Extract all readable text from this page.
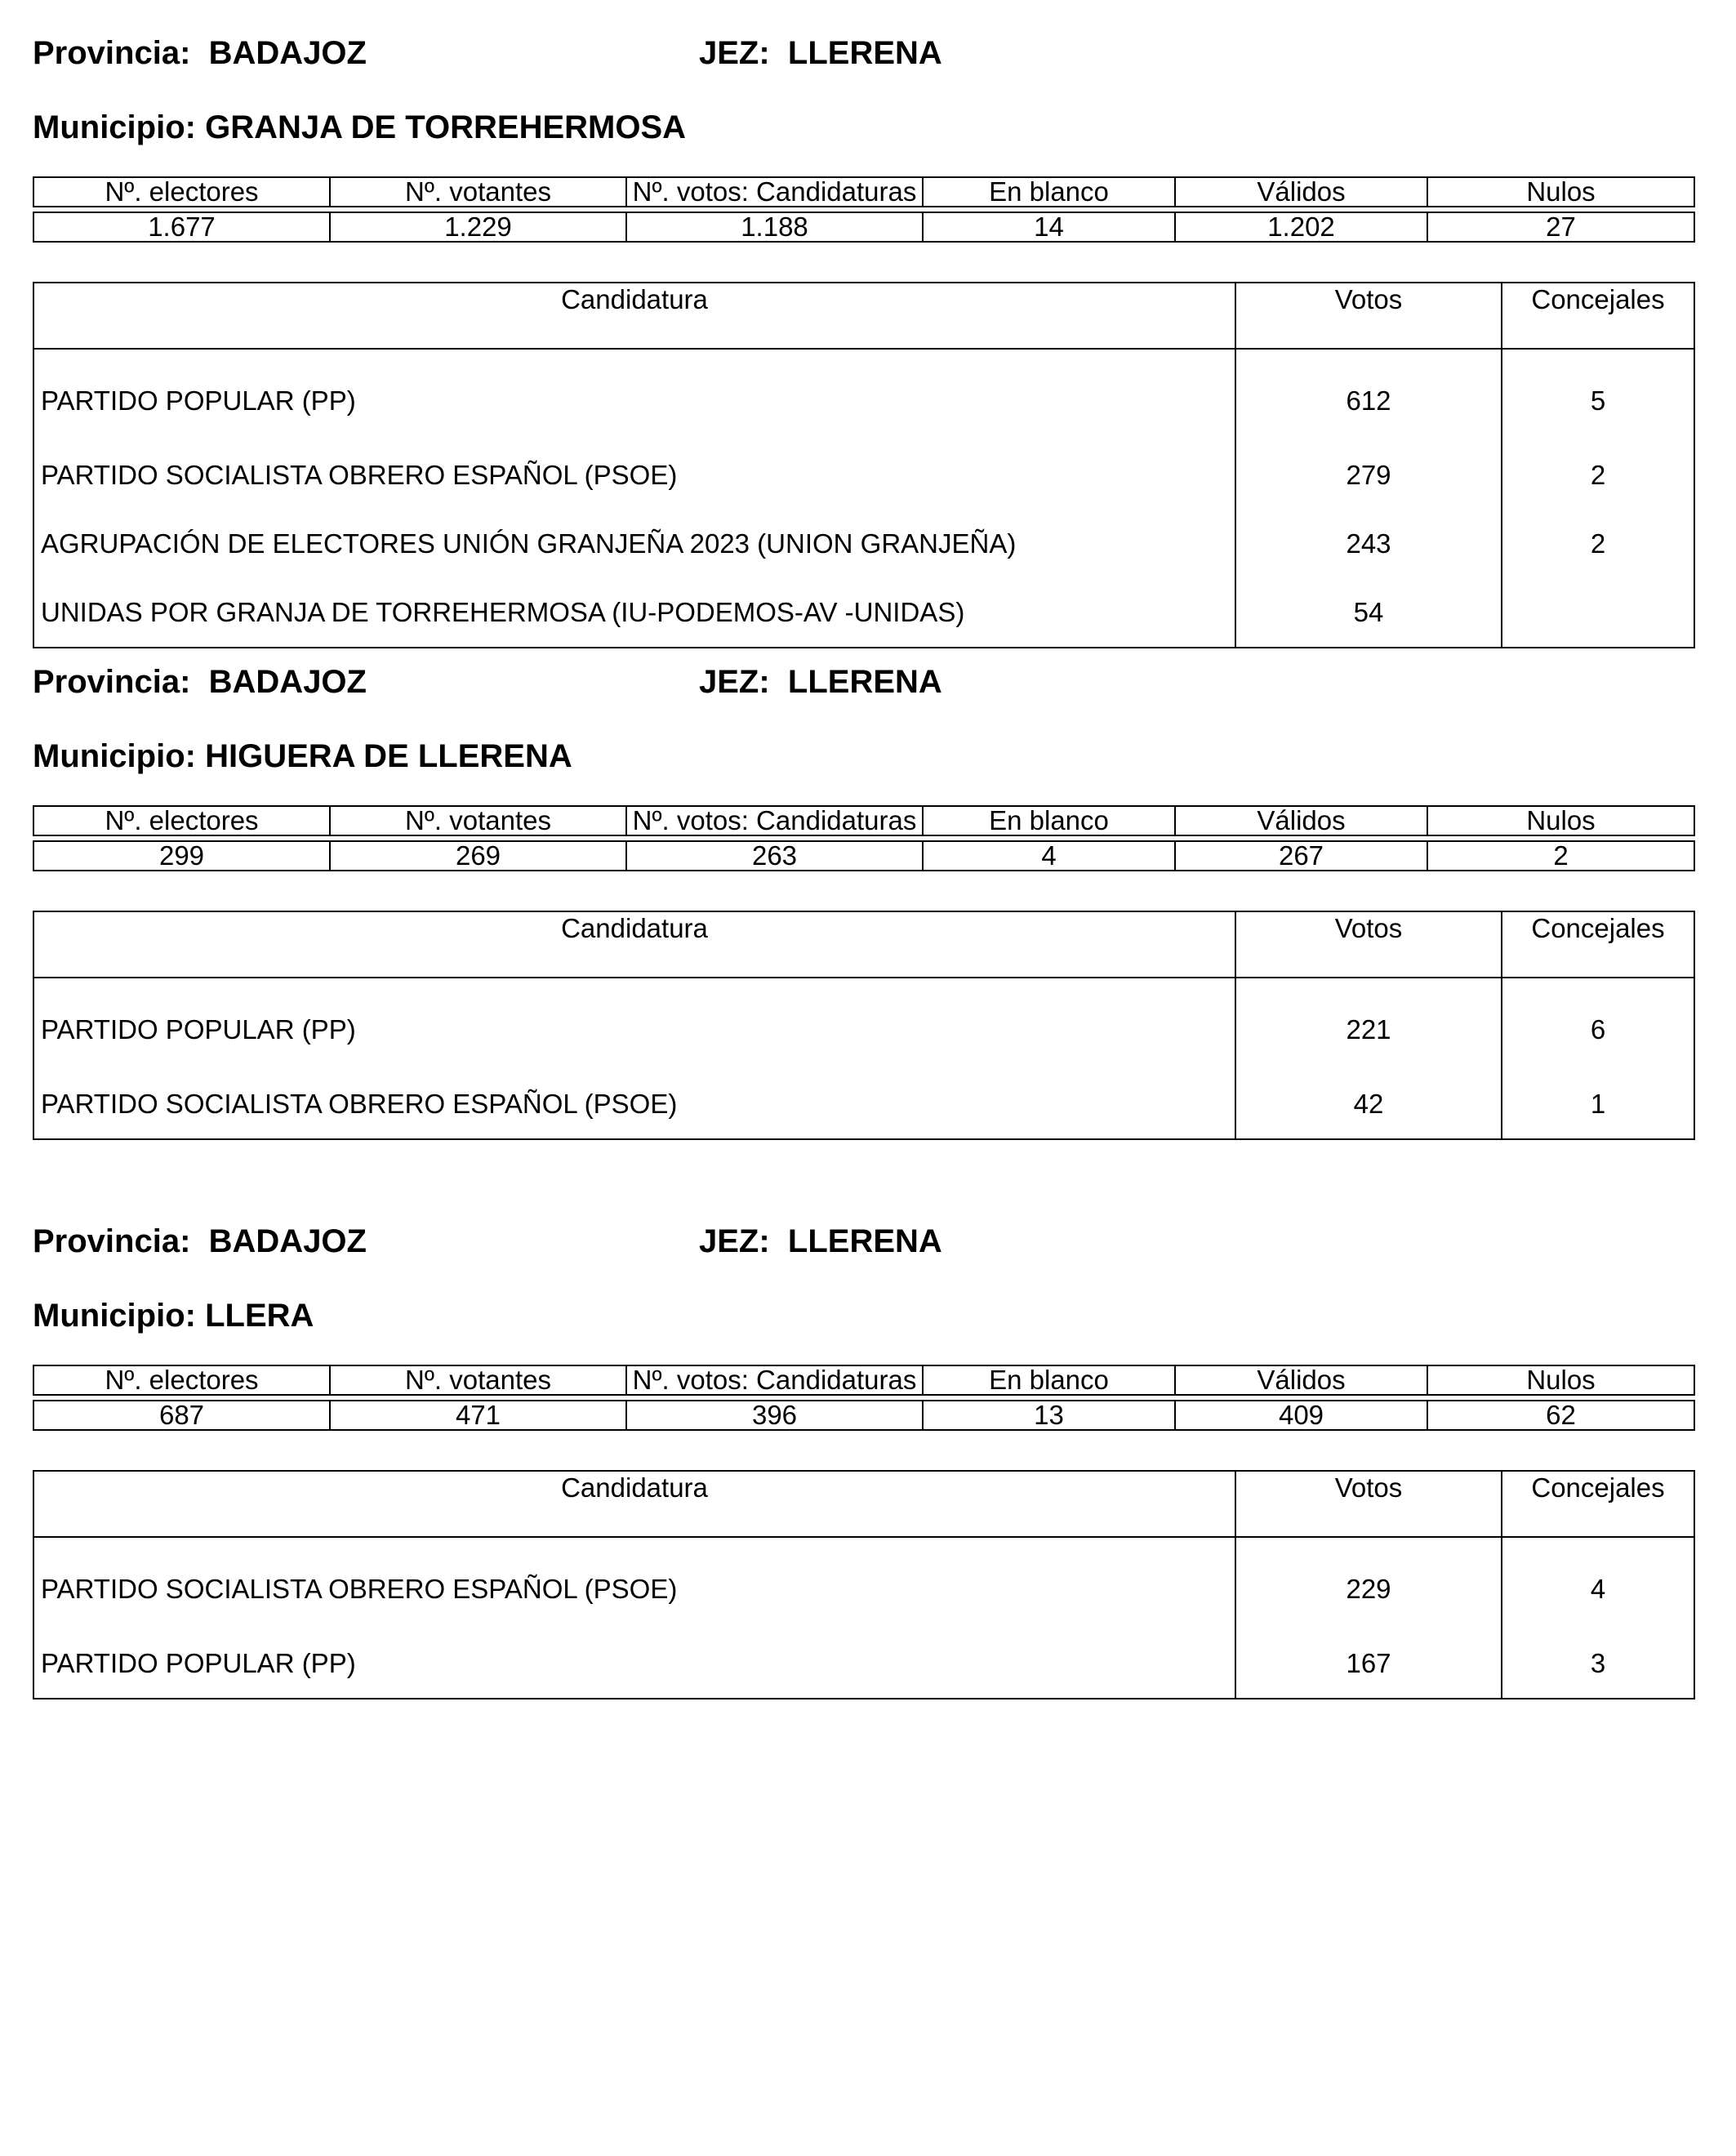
Provincia: BADAJOZ	JEZ: LLERENA
Municipio: GRANJA DE TORREHERMOSA
Nº. electores	Nº. votantes	Nº. votos: Candidaturas	En blanco	Válidos	Nulos

1.677	1.229	1.188	14	1.202	27
Candidatura	Votos	Concejales
PARTIDO POPULAR (PP)	612	5
PARTIDO SOCIALISTA OBRERO ESPAÑOL (PSOE)	279	2
AGRUPACIÓN DE ELECTORES UNIÓN GRANJEÑA 2023 (UNION GRANJEÑA)	243	2
UNIDAS POR GRANJA DE TORREHERMOSA (IU-PODEMOS-AV -UNIDAS)	54	
Provincia: BADAJOZ	JEZ: LLERENA
Municipio: HIGUERA DE LLERENA
Nº. electores	Nº. votantes	Nº. votos: Candidaturas	En blanco	Válidos	Nulos

299	269	263	4	267	2
Candidatura	Votos	Concejales
PARTIDO POPULAR (PP)	221	6
PARTIDO SOCIALISTA OBRERO ESPAÑOL (PSOE)	42	1
Provincia: BADAJOZ	JEZ: LLERENA
Municipio: LLERA
Nº. electores	Nº. votantes	Nº. votos: Candidaturas	En blanco	Válidos	Nulos

687	471	396	13	409	62
Candidatura	Votos	Concejales
PARTIDO SOCIALISTA OBRERO ESPAÑOL (PSOE)	229	4
PARTIDO POPULAR (PP)	167	3
